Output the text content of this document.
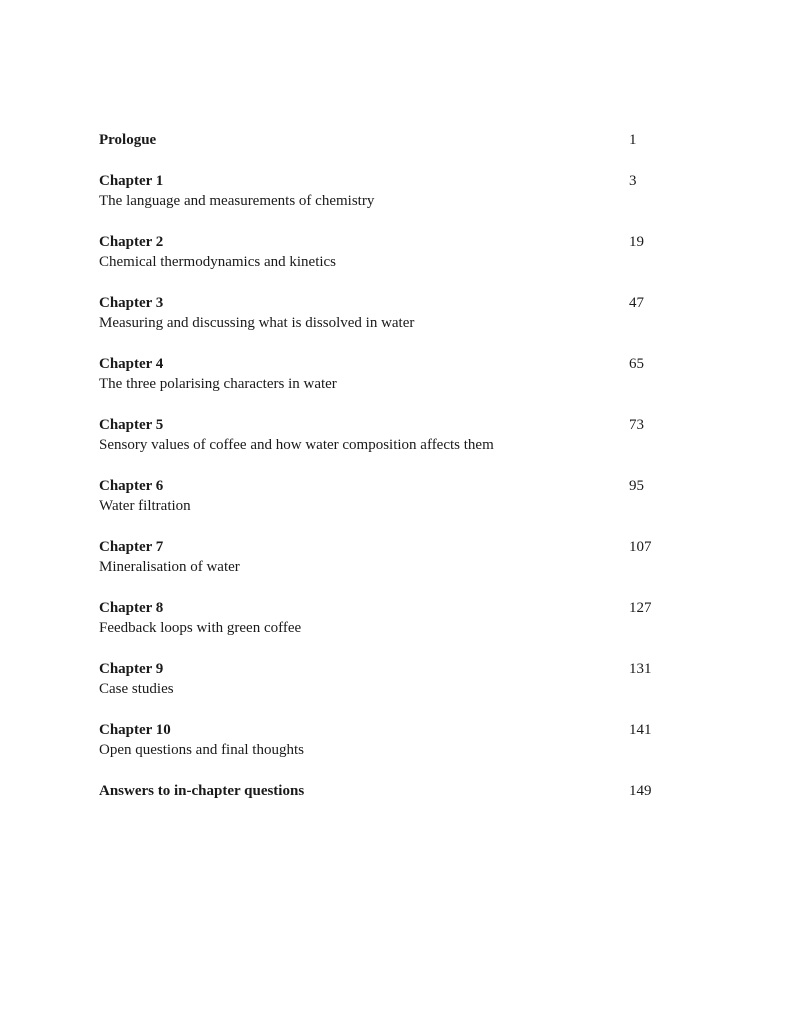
Prologue	1
Chapter 1
The language and measurements of chemistry
3
Chapter 2
Chemical thermodynamics and kinetics
19
Chapter 3
Measuring and discussing what is dissolved in water
47
Chapter 4
The three polarising characters in water
65
Chapter 5
Sensory values of coffee and how water composition affects them
73
Chapter 6
Water filtration
95
Chapter 7
Mineralisation of water
107
Chapter 8
Feedback loops with green coffee
127
Chapter 9
Case studies
131
Chapter 10
Open questions and final thoughts
141
Answers to in-chapter questions	149
